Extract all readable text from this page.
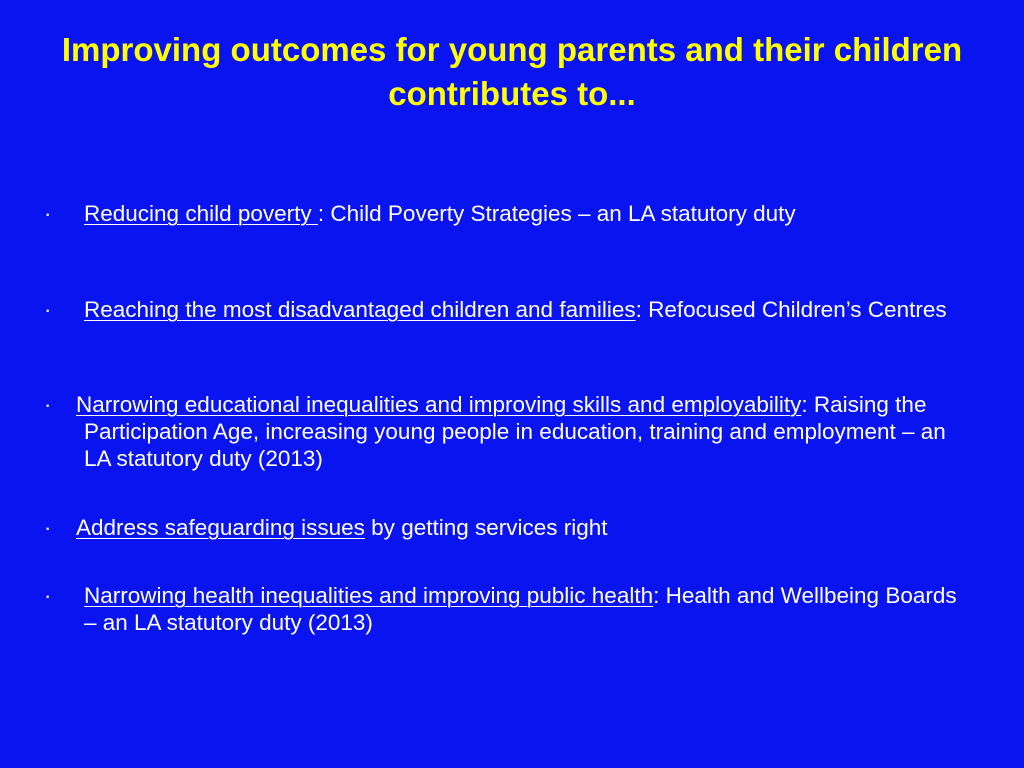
Improving outcomes for young parents and their children contributes to...
· Reducing child poverty : Child Poverty Strategies – an LA statutory duty
· Reaching the most disadvantaged children and families: Refocused Children’s Centres
· Narrowing educational inequalities and improving skills and employability: Raising the Participation Age, increasing young people in education, training and employment – an LA statutory duty (2013)
· Address safeguarding issues by getting services right
· Narrowing health inequalities and improving public health: Health and Wellbeing Boards – an LA statutory duty (2013)
